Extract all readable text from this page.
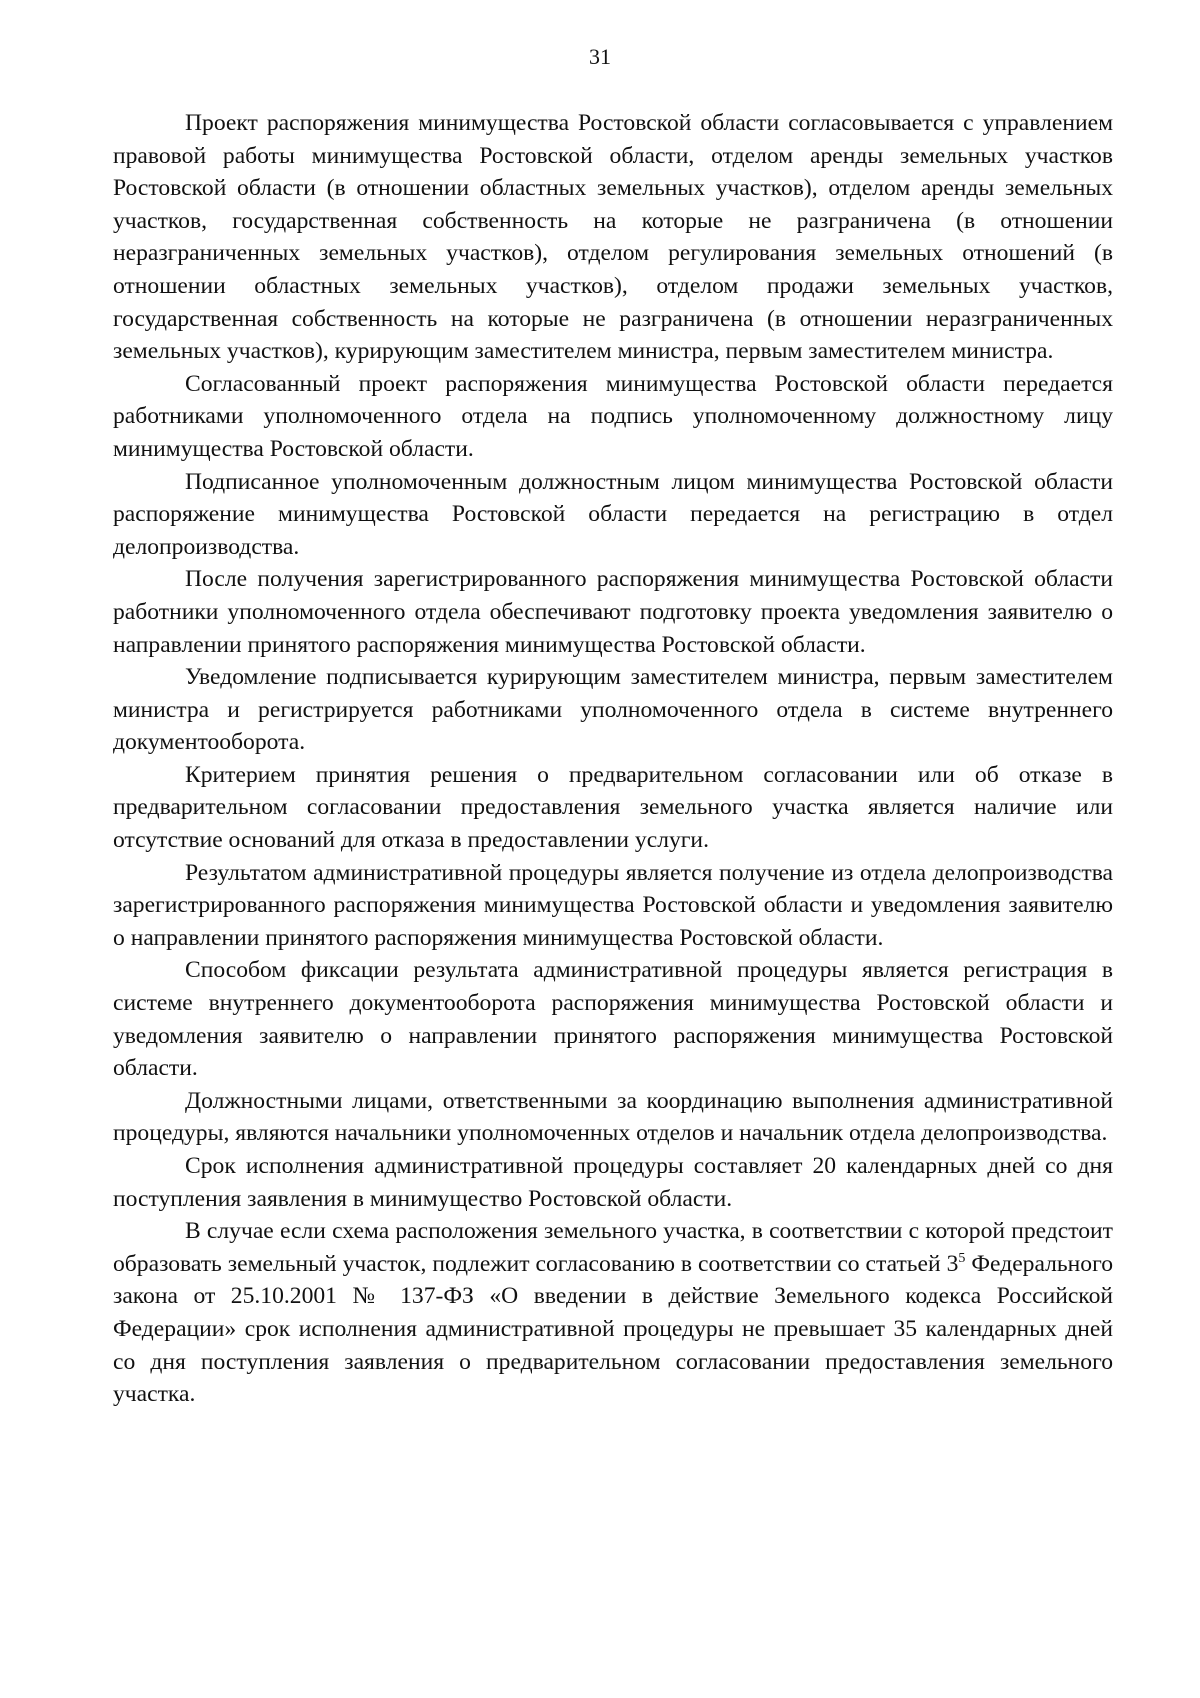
31

Проект распоряжения минимущества Ростовской области согласовывается с управлением правовой работы минимущества Ростовской области, отделом аренды земельных участков Ростовской области (в отношении областных земельных участков), отделом аренды земельных участков, государственная собственность на которые не разграничена (в отношении неразграниченных земельных участков), отделом регулирования земельных отношений (в отношении областных земельных участков), отделом продажи земельных участков, государственная собственность на которые не разграничена (в отношении неразграниченных земельных участков), курирующим заместителем министра, первым заместителем министра.

Согласованный проект распоряжения минимущества Ростовской области передается работниками уполномоченного отдела на подпись уполномоченному должностному лицу минимущества Ростовской области.

Подписанное уполномоченным должностным лицом минимущества Ростовской области распоряжение минимущества Ростовской области передается на регистрацию в отдел делопроизводства.

После получения зарегистрированного распоряжения минимущества Ростовской области работники уполномоченного отдела обеспечивают подготовку проекта уведомления заявителю о направлении принятого распоряжения минимущества Ростовской области.

Уведомление подписывается курирующим заместителем министра, первым заместителем министра и регистрируется работниками уполномоченного отдела в системе внутреннего документооборота.

Критерием принятия решения о предварительном согласовании или об отказе в предварительном согласовании предоставления земельного участка является наличие или отсутствие оснований для отказа в предоставлении услуги.

Результатом административной процедуры является получение из отдела делопроизводства зарегистрированного распоряжения минимущества Ростовской области и уведомления заявителю о направлении принятого распоряжения минимущества Ростовской области.

Способом фиксации результата административной процедуры является регистрация в системе внутреннего документооборота распоряжения минимущества Ростовской области и уведомления заявителю о направлении принятого распоряжения минимущества Ростовской области.

Должностными лицами, ответственными за координацию выполнения административной процедуры, являются начальники уполномоченных отделов и начальник отдела делопроизводства.

Срок исполнения административной процедуры составляет 20 календарных дней со дня поступления заявления в минимущество Ростовской области.

В случае если схема расположения земельного участка, в соответствии с которой предстоит образовать земельный участок, подлежит согласованию в соответствии со статьей $3^5$ Федерального закона от 25.10.2001 № 137-ФЗ «О введении в действие Земельного кодекса Российской Федерации» срок исполнения административной процедуры не превышает 35 календарных дней со дня поступления заявления о предварительном согласовании предоставления земельного участка.
